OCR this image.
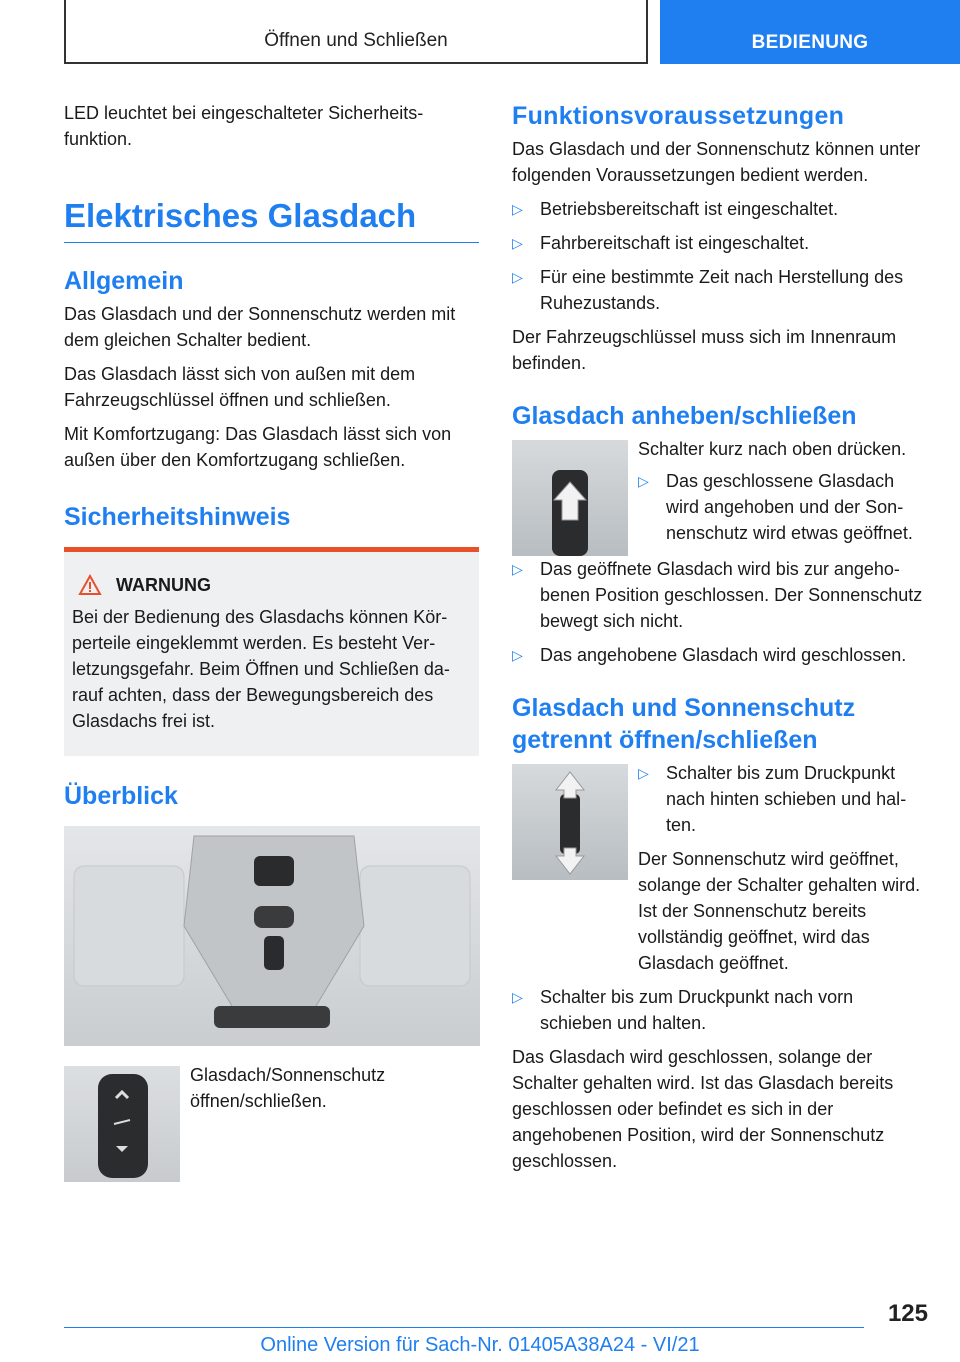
Öffnen und Schließen	BEDIENUNG

LED leuchtet bei eingeschalteter Sicherheitsfunktion.

Elektrisches Glasdach
Allgemein

Das Glasdach und der Sonnenschutz werden mit dem gleichen Schalter bedient.

Das Glasdach lässt sich von außen mit dem Fahrzeugschlüssel öffnen und schließen.

Mit Komfortzugang: Das Glasdach lässt sich von außen über den Komfortzugang schließen.

Sicherheitshinweis
WARNUNG
Bei der Bedienung des Glasdachs können Körperteile eingeklemmt werden. Es besteht Verletzungsgefahr. Beim Öffnen und Schließen darauf achten, dass der Bewegungsbereich des Glasdachs frei ist.
Überblick
Glasdach/Sonnenschutz öffnen/schließen.
Funktionsvoraussetzungen

Das Glasdach und der Sonnenschutz können unter folgenden Voraussetzungen bedient werden.

▷ Betriebsbereitschaft ist eingeschaltet.
▷ Fahrbereitschaft ist eingeschaltet.
▷ Für eine bestimmte Zeit nach Herstellung des Ruhezustands.

Der Fahrzeugschlüssel muss sich im Innenraum befinden.

Glasdach anheben/schließen

Schalter kurz nach oben drücken.

▷ Das geschlossene Glasdach wird angehoben und der Sonnenschutz wird etwas geöffnet.
▷ Das geöffnete Glasdach wird bis zur angehobenen Position geschlossen. Der Sonnenschutz bewegt sich nicht.
▷ Das angehobene Glasdach wird geschlossen.
Glasdach und Sonnenschutz getrennt öffnen/schließen
▷ Schalter bis zum Druckpunkt nach hinten schieben und halten.

Der Sonnenschutz wird geöffnet, solange der Schalter gehalten wird. Ist der Sonnenschutz bereits vollständig geöffnet, wird das Glasdach geöffnet.

▷ Schalter bis zum Druckpunkt nach vorn schieben und halten.

Das Glasdach wird geschlossen, solange der Schalter gehalten wird. Ist das Glasdach bereits geschlossen oder befindet es sich in der angehobenen Position, wird der Sonnenschutz geschlossen.

125
Online Version für Sach-Nr. 01405A38A24 - VI/21
